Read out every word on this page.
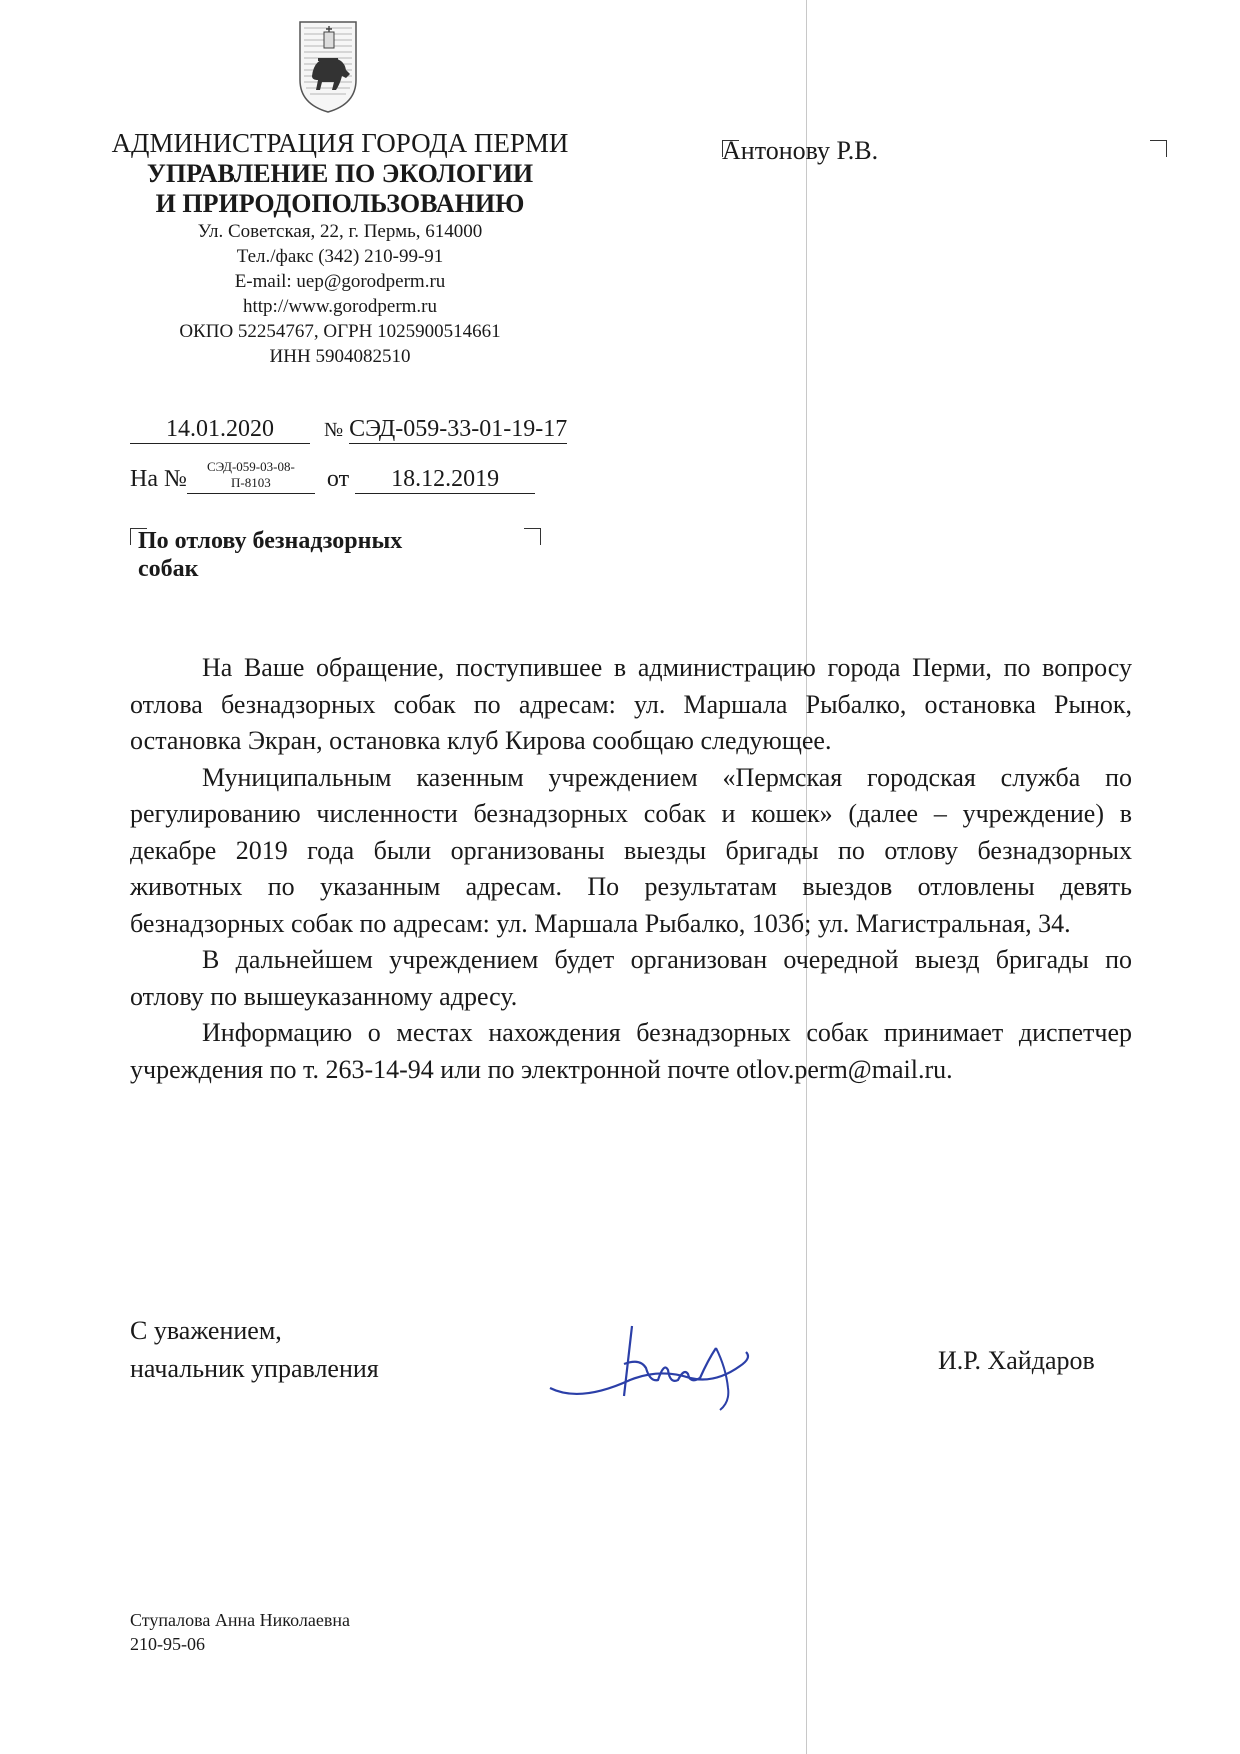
АДМИНИСТРАЦИЯ ГОРОДА ПЕРМИ
УПРАВЛЕНИЕ ПО ЭКОЛОГИИ
И ПРИРОДОПОЛЬЗОВАНИЮ
Ул. Советская, 22, г. Пермь, 614000
Тел./факс (342) 210-99-91
E-mail: uep@gorodperm.ru
http://www.gorodperm.ru
ОКПО 52254767, ОГРН 1025900514661
ИНН 5904082510
Антонову Р.В.
14.01.2020	№ СЭД-059-33-01-19-17
На №	СЭД-059-03-08-
П-8103	от 18.12.2019
По отлову безнадзорных
собак

На Ваше обращение, поступившее в администрацию города Перми, по вопросу отлова безнадзорных собак по адресам: ул. Маршала Рыбалко, остановка Рынок, остановка Экран, остановка клуб Кирова сообщаю следующее.

Муниципальным казенным учреждением «Пермская городская служба по регулированию численности безнадзорных собак и кошек» (далее – учреждение) в декабре 2019 года были организованы выезды бригады по отлову безнадзорных животных по указанным адресам. По результатам выездов отловлены девять безнадзорных собак по адресам: ул. Маршала Рыбалко, 103б; ул. Магистральная, 34.

В дальнейшем учреждением будет организован очередной выезд бригады по отлову по вышеуказанному адресу.

Информацию о местах нахождения безнадзорных собак принимает диспетчер учреждения по т. 263-14-94 или по электронной почте otlov.perm@mail.ru.

С уважением,
начальник управления	И.Р. Хайдаров
Ступалова Анна Николаевна
210-95-06
